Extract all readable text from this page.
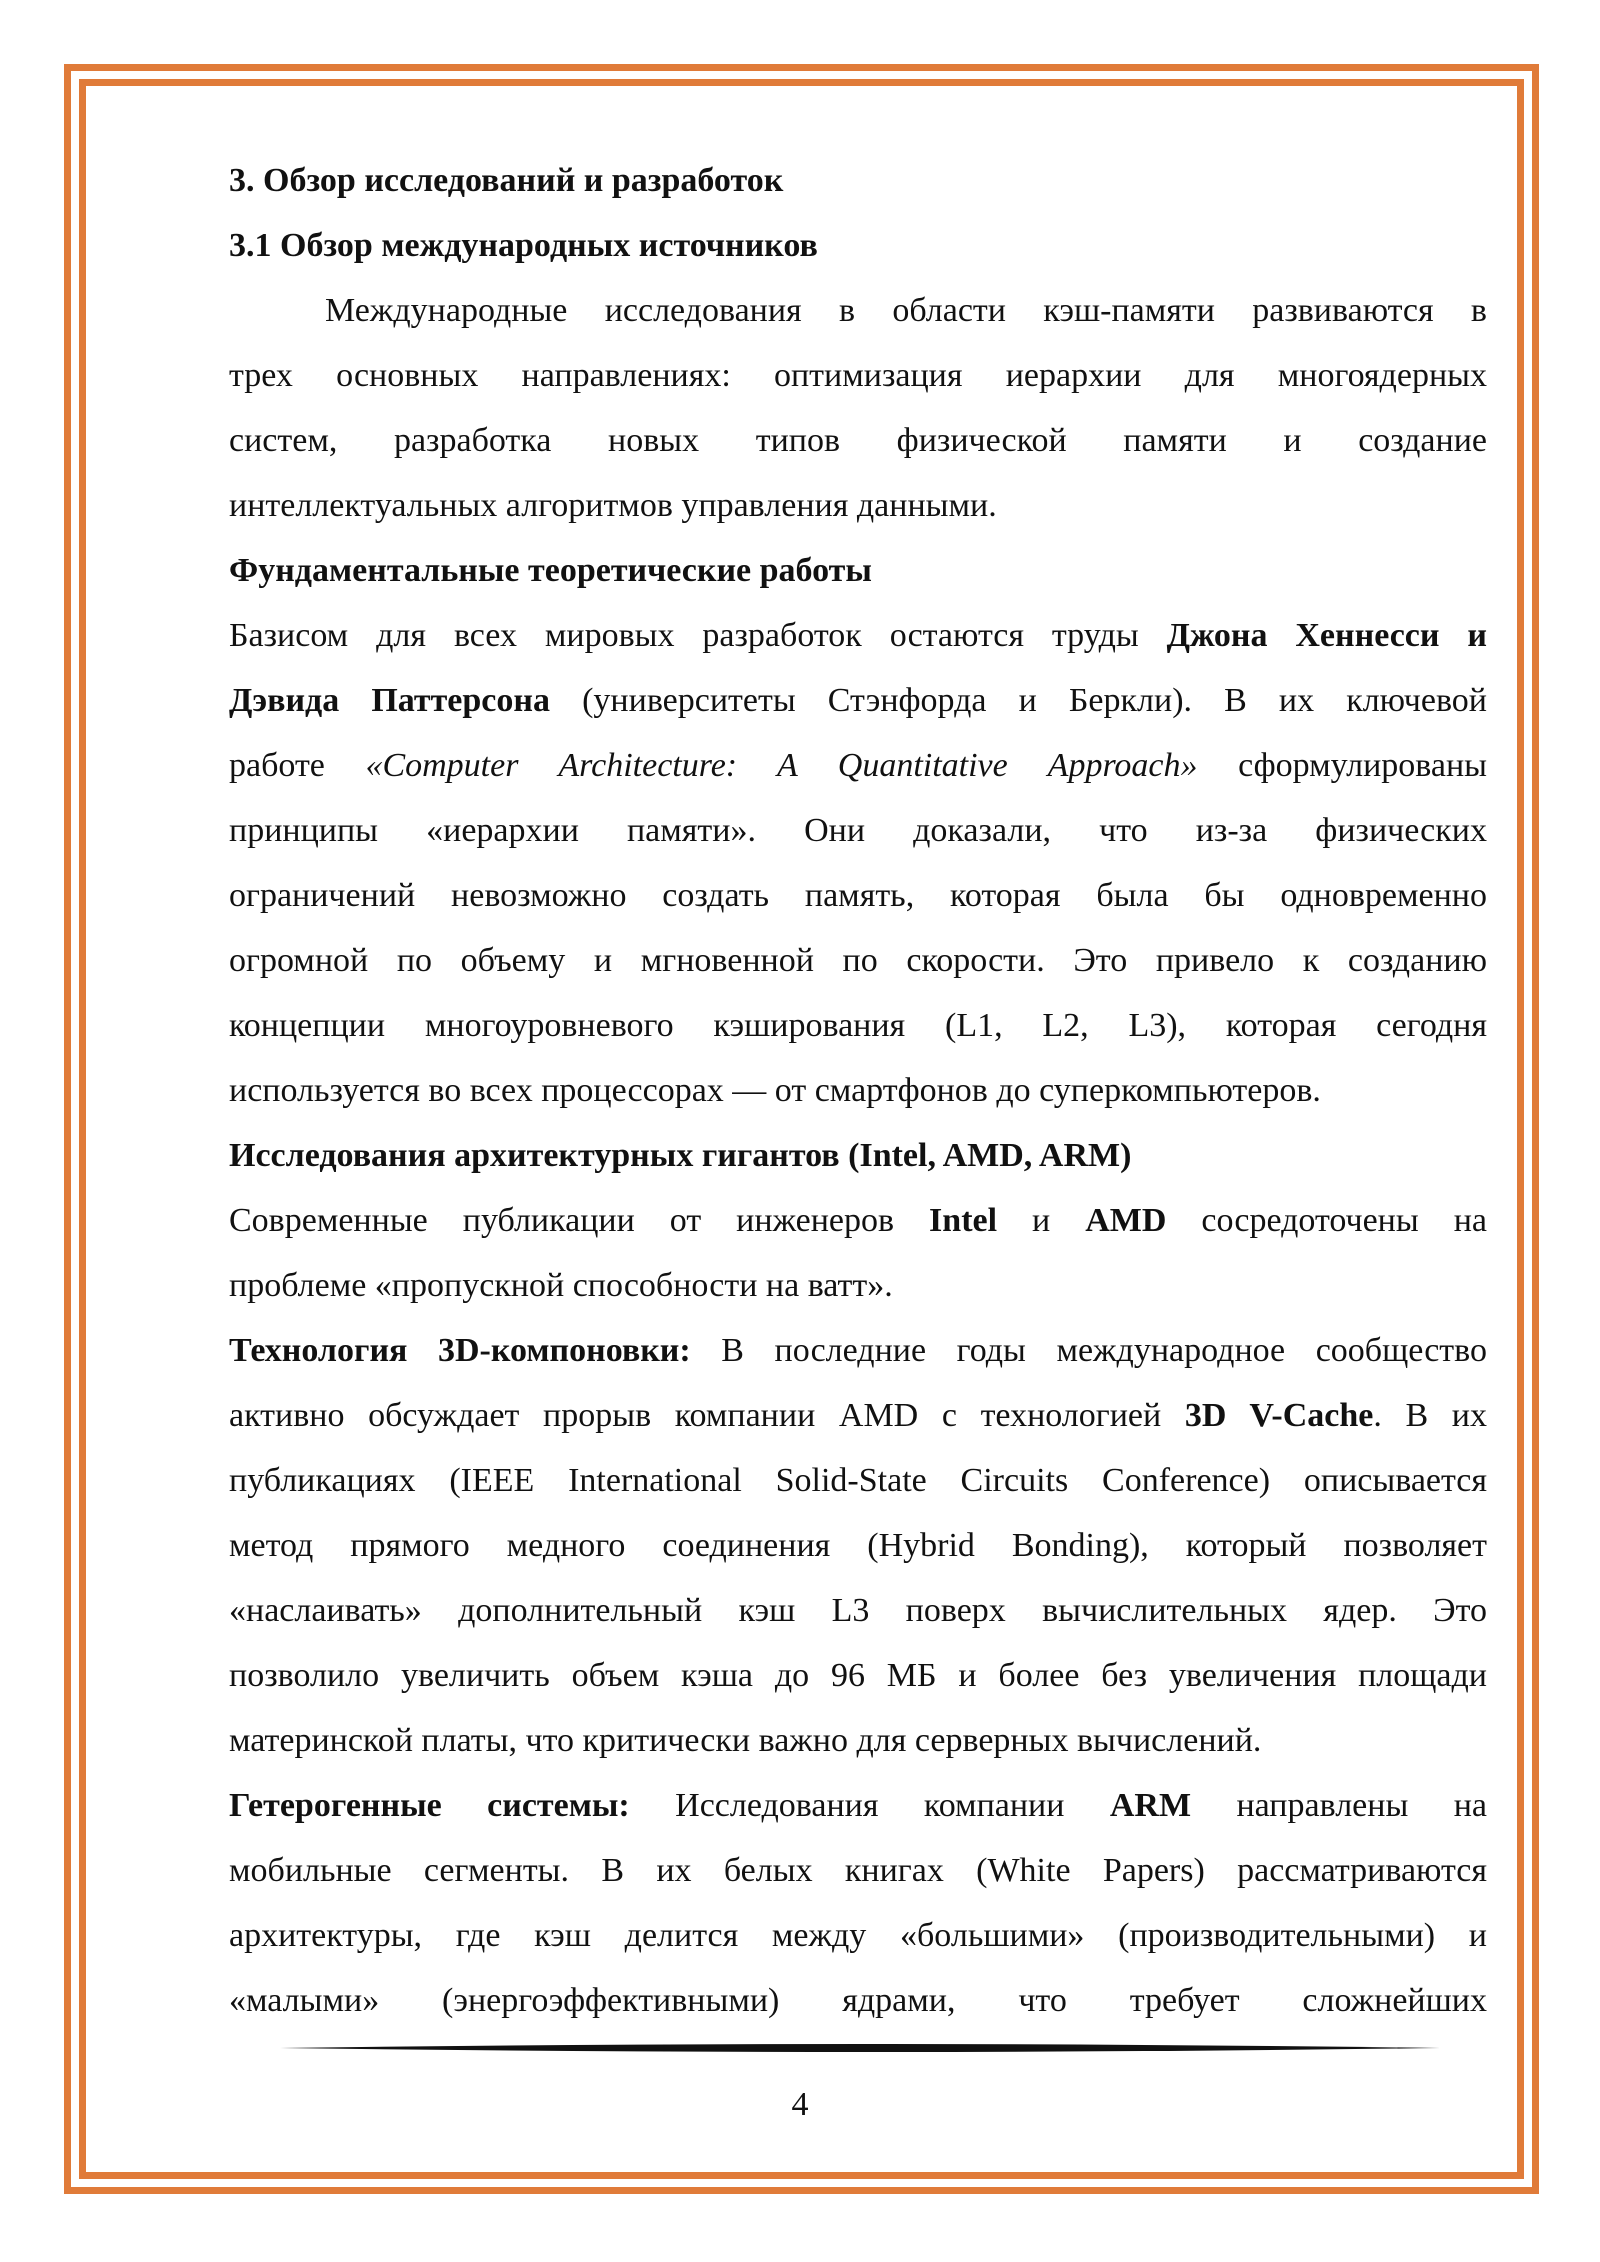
3. Обзор исследований и разработок
3.1 Обзор международных источников
Международные исследования в области кэш-памяти развиваются в
трех основных направлениях: оптимизация иерархии для многоядерных
систем, разработка новых типов физической памяти и создание
интеллектуальных алгоритмов управления данными.
Фундаментальные теоретические работы
Базисом для всех мировых разработок остаются труды Джона Хеннесси и
Дэвида Паттерсона (университеты Стэнфорда и Беркли). В их ключевой
работе «Computer Architecture: A Quantitative Approach» сформулированы
принципы «иерархии памяти». Они доказали, что из-за физических
ограничений невозможно создать память, которая была бы одновременно
огромной по объему и мгновенной по скорости. Это привело к созданию
концепции многоуровневого кэширования (L1, L2, L3), которая сегодня
используется во всех процессорах — от смартфонов до суперкомпьютеров.
Исследования архитектурных гигантов (Intel, AMD, ARM)
Современные публикации от инженеров Intel и AMD сосредоточены на
проблеме «пропускной способности на ватт».
Технология 3D-компоновки: В последние годы международное сообщество
активно обсуждает прорыв компании AMD с технологией 3D V-Cache. В их
публикациях (IEEE International Solid-State Circuits Conference) описывается
метод прямого медного соединения (Hybrid Bonding), который позволяет
«наслаивать» дополнительный кэш L3 поверх вычислительных ядер. Это
позволило увеличить объем кэша до 96 МБ и более без увеличения площади
материнской платы, что критически важно для серверных вычислений.
Гетерогенные системы: Исследования компании ARM направлены на
мобильные сегменты. В их белых книгах (White Papers) рассматриваются
архитектуры, где кэш делится между «большими» (производительными) и
«малыми» (энергоэффективными) ядрами, что требует сложнейших
4
